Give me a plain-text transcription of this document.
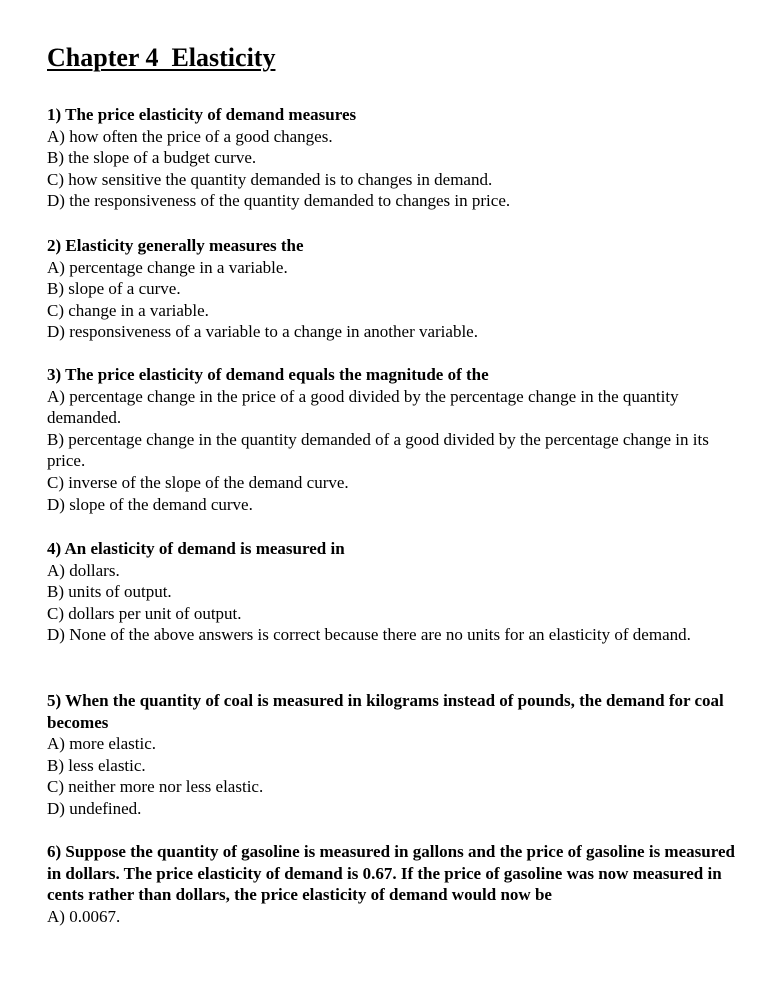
Chapter 4  Elasticity

1) The price elasticity of demand measures

A) how often the price of a good changes.

B) the slope of a budget curve.

C) how sensitive the quantity demanded is to changes in demand.

D) the responsiveness of the quantity demanded to changes in price.

2) Elasticity generally measures the

A) percentage change in a variable.

B) slope of a curve.

C) change in a variable.

D) responsiveness of a variable to a change in another variable.

3) The price elasticity of demand equals the magnitude of the

A) percentage change in the price of a good divided by the percentage change in the quantity demanded.

B) percentage change in the quantity demanded of a good divided by the percentage change in its price.

C) inverse of the slope of the demand curve.

D) slope of the demand curve.

4) An elasticity of demand is measured in

A) dollars.

B) units of output.

C) dollars per unit of output.

D) None of the above answers is correct because there are no units for an elasticity of demand.

5) When the quantity of coal is measured in kilograms instead of pounds, the demand for coal becomes

A) more elastic.

B) less elastic.

C) neither more nor less elastic.

D) undefined.

6) Suppose the quantity of gasoline is measured in gallons and the price of gasoline is measured in dollars. The price elasticity of demand is 0.67. If the price of gasoline was now measured in cents rather than dollars, the price elasticity of demand would now be

A) 0.0067.
